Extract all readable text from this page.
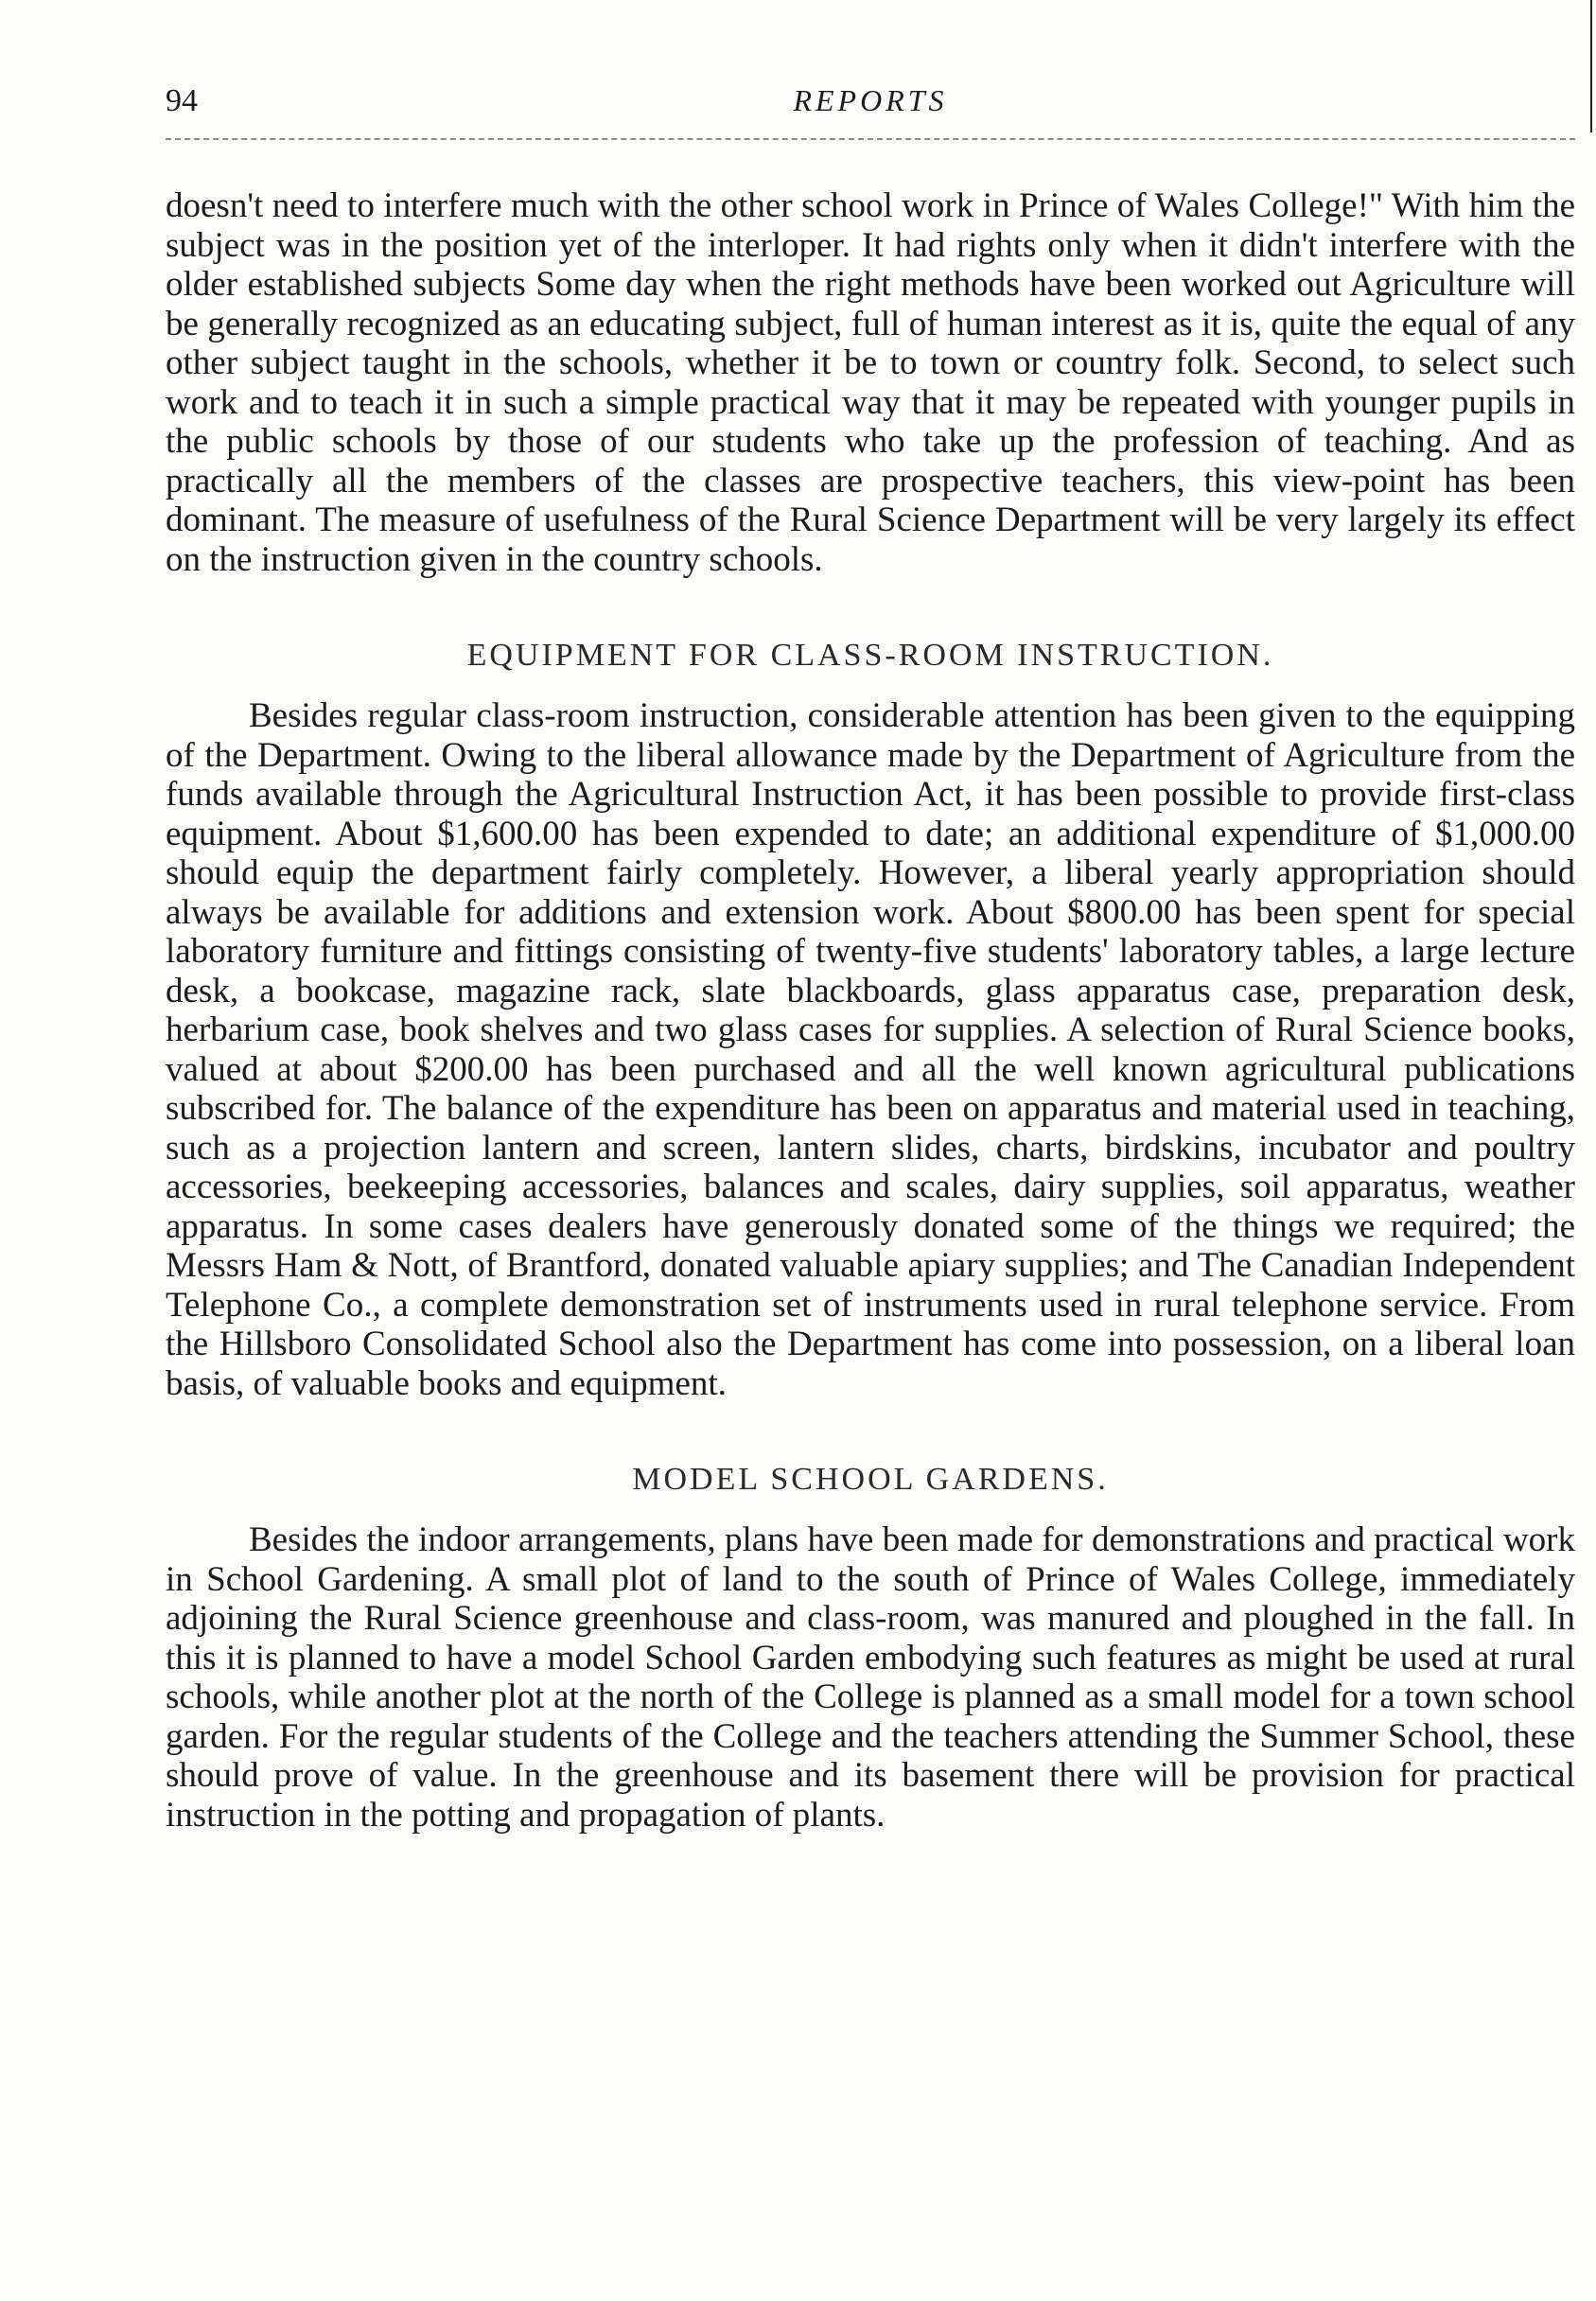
94	REPORTS

doesn't need to interfere much with the other school work in Prince of Wales College!" With him the subject was in the position yet of the interloper. It had rights only when it didn't interfere with the older established subjects Some day when the right methods have been worked out Agriculture will be generally recognized as an educating subject, full of human interest as it is, quite the equal of any other subject taught in the schools, whether it be to town or country folk. Second, to select such work and to teach it in such a simple practical way that it may be repeated with younger pupils in the public schools by those of our students who take up the profession of teaching. And as practically all the members of the classes are prospective teachers, this view-point has been dominant. The measure of usefulness of the Rural Science Department will be very largely its effect on the instruction given in the country schools.

EQUIPMENT FOR CLASS-ROOM INSTRUCTION.

Besides regular class-room instruction, considerable attention has been given to the equipping of the Department. Owing to the liberal allowance made by the Department of Agriculture from the funds available through the Agricultural Instruction Act, it has been possible to provide first-class equipment. About $1,600.00 has been expended to date; an additional expenditure of $1,000.00 should equip the department fairly completely. However, a liberal yearly appropriation should always be available for additions and extension work. About $800.00 has been spent for special laboratory furniture and fittings consisting of twenty-five students' laboratory tables, a large lecture desk, a bookcase, magazine rack, slate blackboards, glass apparatus case, preparation desk, herbarium case, book shelves and two glass cases for supplies. A selection of Rural Science books, valued at about $200.00 has been purchased and all the well known agricultural publications subscribed for. The balance of the expenditure has been on apparatus and material used in teaching, such as a projection lantern and screen, lantern slides, charts, birdskins, incubator and poultry accessories, beekeeping accessories, balances and scales, dairy supplies, soil apparatus, weather apparatus. In some cases dealers have generously donated some of the things we required; the Messrs Ham & Nott, of Brantford, donated valuable apiary supplies; and The Canadian Independent Telephone Co., a complete demonstration set of instruments used in rural telephone service. From the Hillsboro Consolidated School also the Department has come into possession, on a liberal loan basis, of valuable books and equipment.

MODEL SCHOOL GARDENS.

Besides the indoor arrangements, plans have been made for demonstrations and practical work in School Gardening. A small plot of land to the south of Prince of Wales College, immediately adjoining the Rural Science greenhouse and class-room, was manured and ploughed in the fall. In this it is planned to have a model School Garden embodying such features as might be used at rural schools, while another plot at the north of the College is planned as a small model for a town school garden. For the regular students of the College and the teachers attending the Summer School, these should prove of value. In the greenhouse and its basement there will be provision for practical instruction in the potting and propagation of plants.
